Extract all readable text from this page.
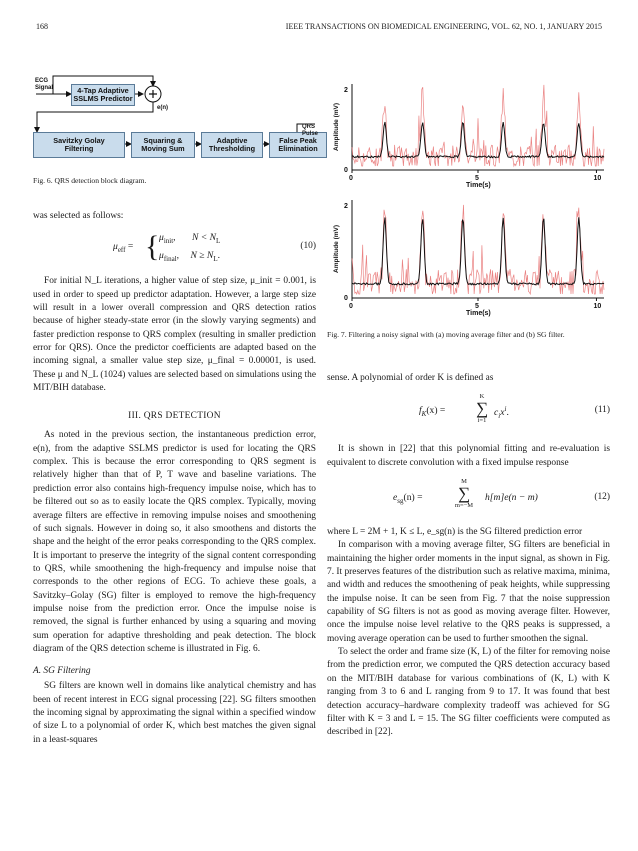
168	IEEE TRANSACTIONS ON BIOMEDICAL ENGINEERING, VOL. 62, NO. 1, JANUARY 2015
ECG
Signal	4-Tap Adaptive
SSLMS Predictor
e(n)
Savitzky Golay
Filtering
Squaring &
Moving Sum
Adaptive
Thresholding
False Peak
Elimination
QRS
Pulse
Fig. 6. QRS detection block diagram.

was selected as follows:

$\mu_{eff}$ = { $\mu_{init}$, $N < N_L$
$\mu_{final}$, $N \ge N_L$.
(10)

For initial N_L iterations, a higher value of step size, μ_init = 0.001, is used in order to speed up predictor adaptation. However, a large step size will result in a lower overall compression and QRS detection ratios because of higher steady-state error (in the slowly varying segments) and faster prediction response to QRS complex (resulting in smaller prediction error for QRS). Once the predictor coefficients are adapted based on the incoming signal, a smaller value step size, μ_final = 0.00001, is used. These μ and N_L (1024) values are selected based on simulations using the MIT/BIH database.

III. QRS DETECTION

As noted in the previous section, the instantaneous prediction error, e(n), from the adaptive SSLMS predictor is used for locating the QRS complex. This is because the error corresponding to QRS segment is relatively higher than that of P, T wave and baseline variations. The prediction error also contains high-frequency impulse noise, which has to be filtered out so as to easily locate the QRS complex. Typically, moving average filters are effective in removing impulse noises and smoothening of such signals. However in doing so, it also smoothens and distorts the shape and the height of the error peaks corresponding to the QRS complex. It is important to preserve the integrity of the signal content corresponding to QRS, while smoothening the high-frequency and impulse noise that corresponds to the other regions of ECG. To achieve these goals, a Savitzky–Golay (SG) filter is employed to remove the high-frequency impulse noise from the prediction error. Once the impulse noise is removed, the signal is further enhanced by using a squaring and moving sum operation for adaptive thresholding and peak detection. The block diagram of the QRS detection scheme is illustrated in Fig. 6.

A. SG Filtering

SG filters are known well in domains like analytical chemistry and has been of recent interest in ECG signal processing [22]. SG filters smoothen the incoming signal by approximating the signal within a specified window of size L to a polynomial of order K, which best matches the given signal in a least-squares

0
2
Amplitude (mV)
0	5	10
Time(s)
0
2
Amplitude (mV)
0	5	10
Time(s)
Fig. 7. Filtering a noisy signal with (a) moving average filter and (b) SG filter.

sense. A polynomial of order K is defined as

$f_K(x)$ =
K
∑
i=1
$c_ix^i$.	(11)

It is shown in [22] that this polynomial fitting and re-evaluation is equivalent to discrete convolution with a fixed impulse response

$e_{sg}(n)$ =
M
∑
m=−M
h[m]e(n − m)	(12)

where L = 2M + 1, K ≤ L, e_sg(n) is the SG filtered prediction error

In comparison with a moving average filter, SG filters are beneficial in maintaining the higher order moments in the input signal, as shown in Fig. 7. It preserves features of the distribution such as relative maxima, minima, and width and reduces the smoothening of peak heights, while suppressing the impulse noise. It can be seen from Fig. 7 that the noise suppression capability of SG filters is not as good as moving average filter. However, once the impulse noise level relative to the QRS peaks is suppressed, a moving average operation can be used to further smoothen the signal.

To select the order and frame size (K, L) of the filter for removing noise from the prediction error, we computed the QRS detection accuracy based on the MIT/BIH database for various combinations of (K, L) with K ranging from 3 to 6 and L ranging from 9 to 17. It was found that best detection accuracy–hardware complexity tradeoff was achieved for SG filter with K = 3 and L = 15. The SG filter coefficients were computed as described in [22].
